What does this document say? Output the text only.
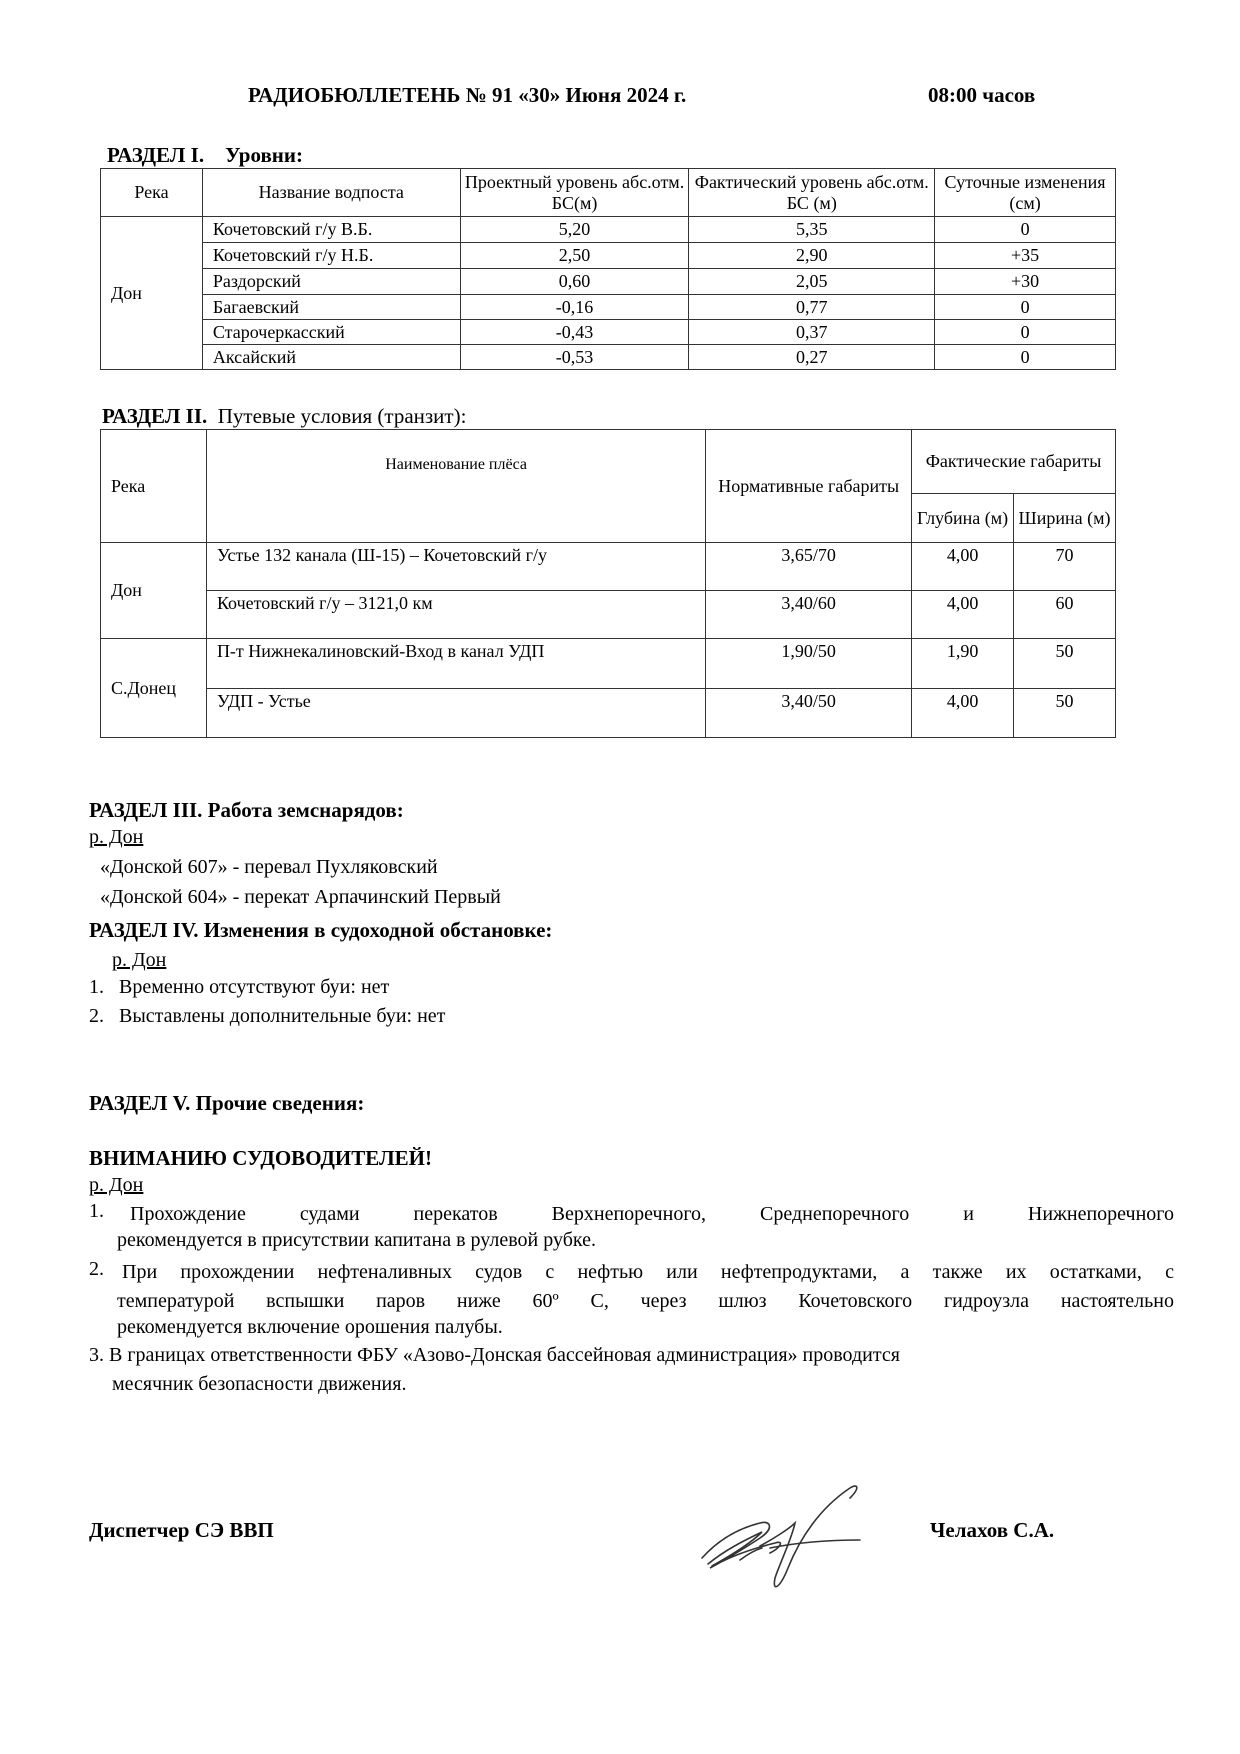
РАДИОБЮЛЛЕТЕНЬ № 91 «30» Июня 2024 г.	08:00 часов
РАЗДЕЛ I. Уровни:
Река	Название водпоста	Проектный уровень абс.отм. БС(м)	Фактический уровень абс.отм. БС (м)	Суточные изменения (см)
Дон	Кочетовский г/у В.Б.	5,20	5,35	0
	Кочетовский г/у Н.Б.	2,50	2,90	+35
	Раздорский	0,60	2,05	+30
	Багаевский	-0,16	0,77	0
	Старочеркасский	-0,43	0,37	0
	Аксайский	-0,53	0,27	0
РАЗДЕЛ II. Путевые условия (транзит):
Река	Наименование плёса	Нормативные габариты	Фактические габариты	
			Глубина (м)	Ширина (м)
Дон	Устье 132 канала (Ш-15) – Кочетовский г/у	3,65/70	4,00	70
	Кочетовский г/у – 3121,0 км	3,40/60	4,00	60
С.Донец	П-т Нижнекалиновский-Вход в канал УДП	1,90/50	1,90	50
	УДП - Устье	3,40/50	4,00	50
РАЗДЕЛ III. Работа земснарядов:
р. Дон
«Донской 607» - перевал Пухляковский
«Донской 604» - перекат Арпачинский Первый
РАЗДЕЛ IV. Изменения в судоходной обстановке:
р. Дон
1. Временно отсутствуют буи: нет
2. Выставлены дополнительные буи: нет
РАЗДЕЛ V. Прочие сведения:
ВНИМАНИЮ СУДОВОДИТЕЛЕЙ!
р. Дон
1. Прохождение судами перекатов Верхнепоречного, Среднепоречного и Нижнепоречного
рекомендуется в присутствии капитана в рулевой рубке.
2. При прохождении нефтеналивных судов с нефтью или нефтепродуктами, а также их остатками, с
температурой вспышки паров ниже 60º С, через шлюз Кочетовского гидроузла настоятельно
рекомендуется включение орошения палубы.
3. В границах ответственности ФБУ «Азово-Донская бассейновая администрация» проводится
месячник безопасности движения.
Диспетчер СЭ ВВП	Челахов С.А.
